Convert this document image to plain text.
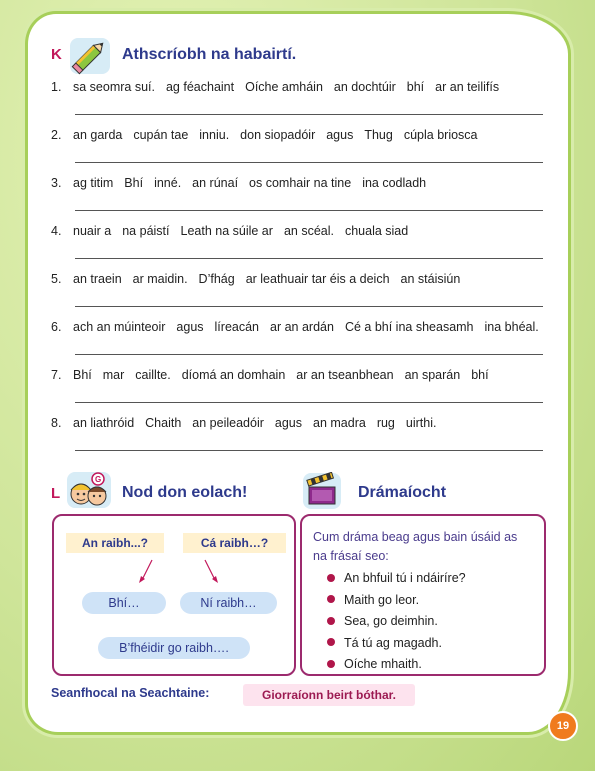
K	Athscríobh na habairtí.
1. sa seomra suí. ag féachaint Oíche amháin an dochtúir bhí ar an teilifís
2. an garda cupán tae inniu. don siopadóir agus Thug cúpla briosca
3. ag titim Bhí inné. an rúnaí os comhair na tine ina codladh
4. nuair a na páistí Leath na súile ar an scéal. chuala siad
5. an traein ar maidin. D’fhág ar leathuair tar éis a deich an stáisiún
6. ach an múinteoir agus líreacán ar an ardán Cé a bhí ina sheasamh ina bhéal.
7. Bhí mar caillte. díomá an domhain ar an tseanbhean an sparán bhí
8. an liathróid Chaith an peileadóir agus an madra rug uirthi.
L
G
Nod don eolach!	Drámaíocht
An raibh...?	Cá raibh…?
Bhí…	Ní raibh…
B’fhéidir go raibh….
Cum dráma beag agus bain úsáid as na frásaí seo:
An bhfuil tú i ndáiríre?
Maith go leor.
Sea, go deimhin.
Tá tú ag magadh.
Oíche mhaith.
Seanfhocal na Seachtaine:	Giorraíonn beirt bóthar.
19
